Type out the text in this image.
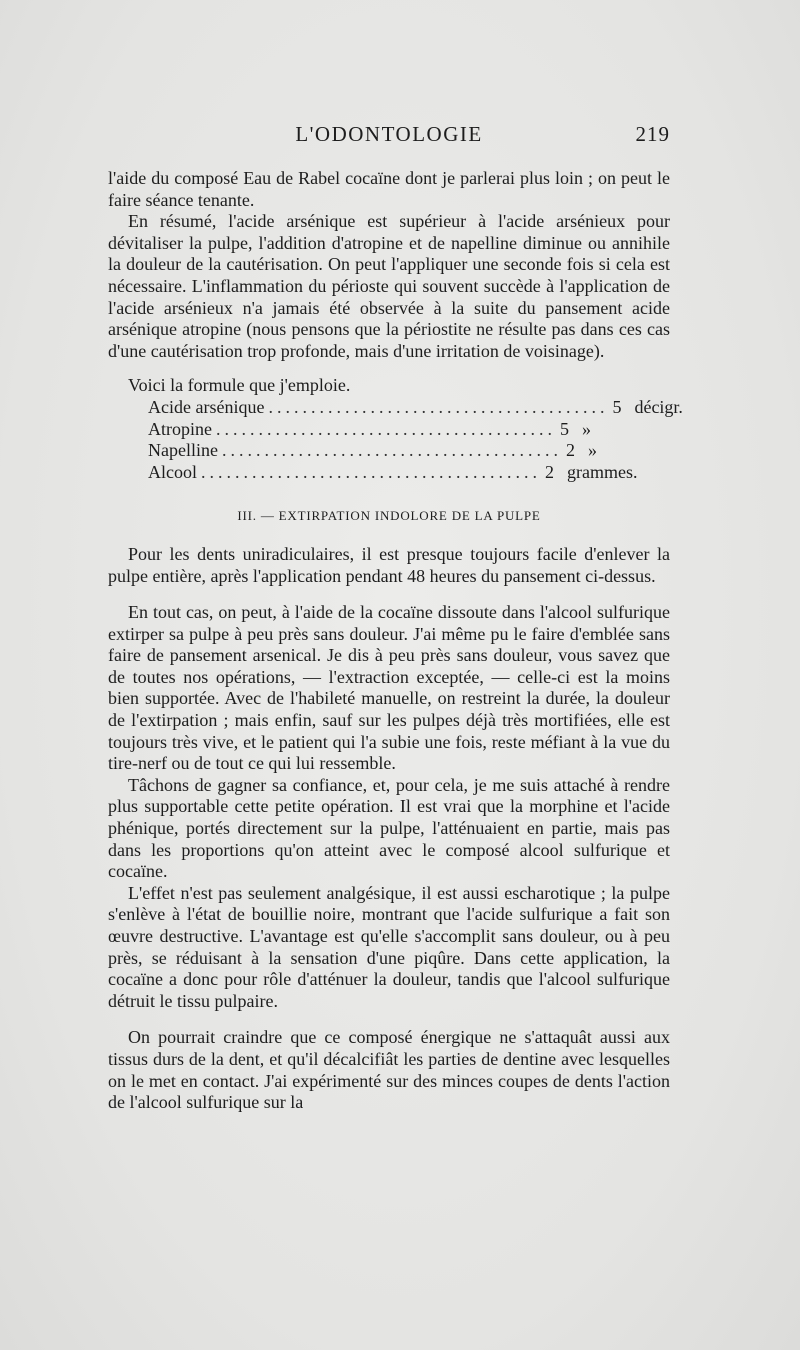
L'ODONTOLOGIE	219

l'aide du composé Eau de Rabel cocaïne dont je parlerai plus loin ; on peut le faire séance tenante.

En résumé, l'acide arsénique est supérieur à l'acide arsénieux pour dévitaliser la pulpe, l'addition d'atropine et de napelline diminue ou annihile la douleur de la cautérisation. On peut l'appliquer une seconde fois si cela est nécessaire. L'inflammation du périoste qui souvent succède à l'application de l'acide arsénieux n'a jamais été observée à la suite du pansement acide arsénique atropine (nous pensons que la périostite ne résulte pas dans ces cas d'une cautérisation trop profonde, mais d'une irritation de voisinage).

Voici la formule que j'emploie.

Acide arsénique ........................................ 5 décigr.
Atropine ........................................ 5 »
Napelline ........................................ 2 »
Alcool ........................................ 2 grammes.
III. — EXTIRPATION INDOLORE DE LA PULPE

Pour les dents uniradiculaires, il est presque toujours facile d'enlever la pulpe entière, après l'application pendant 48 heures du pansement ci-dessus.

En tout cas, on peut, à l'aide de la cocaïne dissoute dans l'alcool sulfurique extirper sa pulpe à peu près sans douleur. J'ai même pu le faire d'emblée sans faire de pansement arsenical. Je dis à peu près sans douleur, vous savez que de toutes nos opérations, — l'extraction exceptée, — celle-ci est la moins bien supportée. Avec de l'habileté manuelle, on restreint la durée, la douleur de l'extirpation ; mais enfin, sauf sur les pulpes déjà très mortifiées, elle est toujours très vive, et le patient qui l'a subie une fois, reste méfiant à la vue du tire-nerf ou de tout ce qui lui ressemble.

Tâchons de gagner sa confiance, et, pour cela, je me suis attaché à rendre plus supportable cette petite opération. Il est vrai que la morphine et l'acide phénique, portés directement sur la pulpe, l'atténuaient en partie, mais pas dans les proportions qu'on atteint avec le composé alcool sulfurique et cocaïne.

L'effet n'est pas seulement analgésique, il est aussi escharotique ; la pulpe s'enlève à l'état de bouillie noire, montrant que l'acide sulfurique a fait son œuvre destructive. L'avantage est qu'elle s'accomplit sans douleur, ou à peu près, se réduisant à la sensation d'une piqûre. Dans cette application, la cocaïne a donc pour rôle d'atténuer la douleur, tandis que l'alcool sulfurique détruit le tissu pulpaire.

On pourrait craindre que ce composé énergique ne s'attaquât aussi aux tissus durs de la dent, et qu'il décalcifiât les parties de dentine avec lesquelles on le met en contact. J'ai expérimenté sur des minces coupes de dents l'action de l'alcool sulfurique sur la
